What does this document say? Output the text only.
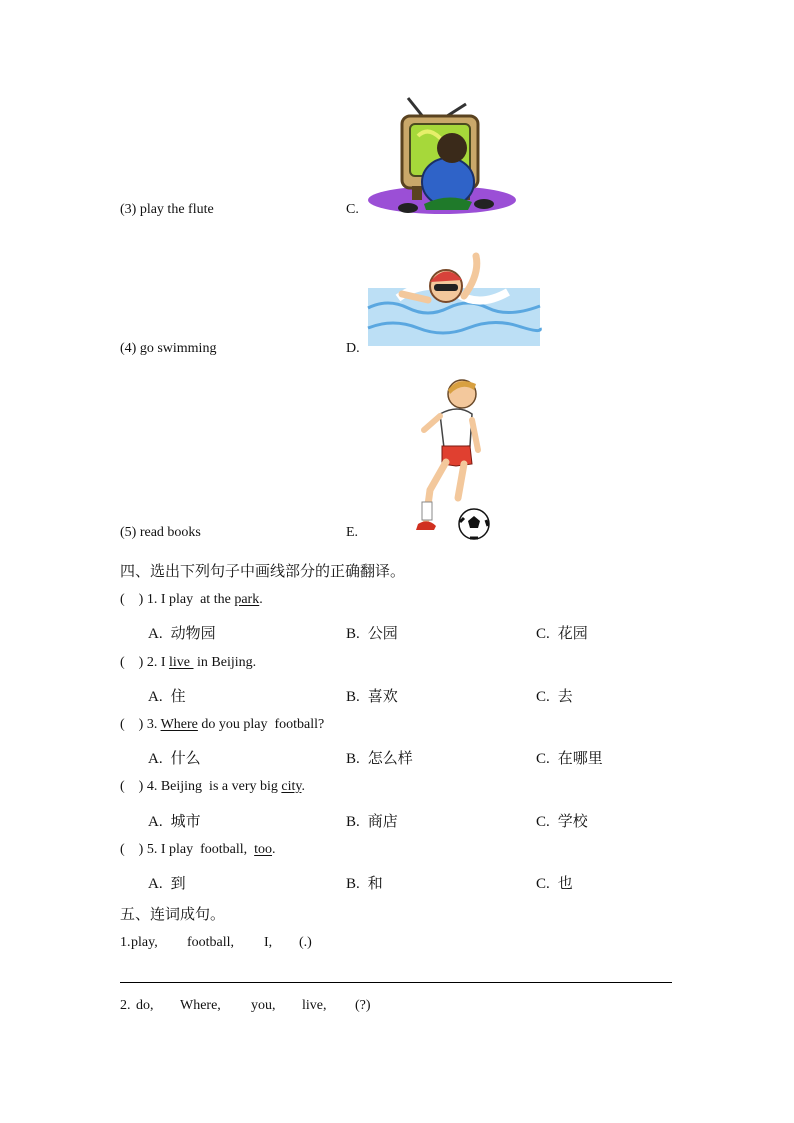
(3) play the flute	C.
(4) go swimming	D.
(5) read books	E.
四、选出下列句子中画线部分的正确翻译。
(    ) 1. I play  at the park.
A. 动物园	B. 公园	C. 花园
(    ) 2. I live  in Beijing.
A. 住	B. 喜欢	C. 去
(    ) 3. Where do you play  football?
A. 什么	B. 怎么样	C. 在哪里
(    ) 4. Beijing  is a very big city.
A. 城市	B. 商店	C. 学校
(    ) 5. I play  football,  too.
A. 到	B. 和	C. 也
五、连词成句。
1. play, football, I, (.)
2. do, Where, you, live, (?)
